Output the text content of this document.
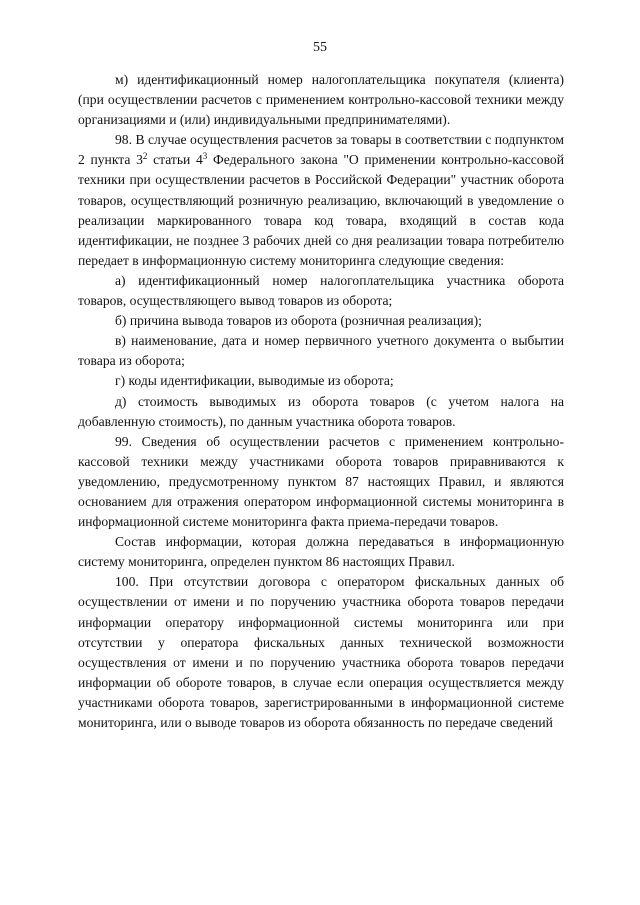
55

м) идентификационный номер налогоплательщика покупателя (клиента) (при осуществлении расчетов с применением контрольно-кассовой техники между организациями и (или) индивидуальными предпринимателями).

98. В случае осуществления расчетов за товары в соответствии с подпунктом 2 пункта $3^2$ статьи $4^3$ Федерального закона "О применении контрольно-кассовой техники при осуществлении расчетов в Российской Федерации" участник оборота товаров, осуществляющий розничную реализацию, включающий в уведомление о реализации маркированного товара код товара, входящий в состав кода идентификации, не позднее 3 рабочих дней со дня реализации товара потребителю передает в информационную систему мониторинга следующие сведения:

а) идентификационный номер налогоплательщика участника оборота товаров, осуществляющего вывод товаров из оборота;

б) причина вывода товаров из оборота (розничная реализация);

в) наименование, дата и номер первичного учетного документа о выбытии товара из оборота;

г) коды идентификации, выводимые из оборота;

д) стоимость выводимых из оборота товаров (с учетом налога на добавленную стоимость), по данным участника оборота товаров.

99. Сведения об осуществлении расчетов с применением контрольно-кассовой техники между участниками оборота товаров приравниваются к уведомлению, предусмотренному пунктом 87 настоящих Правил, и являются основанием для отражения оператором информационной системы мониторинга в информационной системе мониторинга факта приема-передачи товаров.

Состав информации, которая должна передаваться в информационную систему мониторинга, определен пунктом 86 настоящих Правил.

100. При отсутствии договора с оператором фискальных данных об осуществлении от имени и по поручению участника оборота товаров передачи информации оператору информационной системы мониторинга или при отсутствии у оператора фискальных данных технической возможности осуществления от имени и по поручению участника оборота товаров передачи информации об обороте товаров, в случае если операция осуществляется между участниками оборота товаров, зарегистрированными в информационной системе мониторинга, или о выводе товаров из оборота обязанность по передаче сведений
